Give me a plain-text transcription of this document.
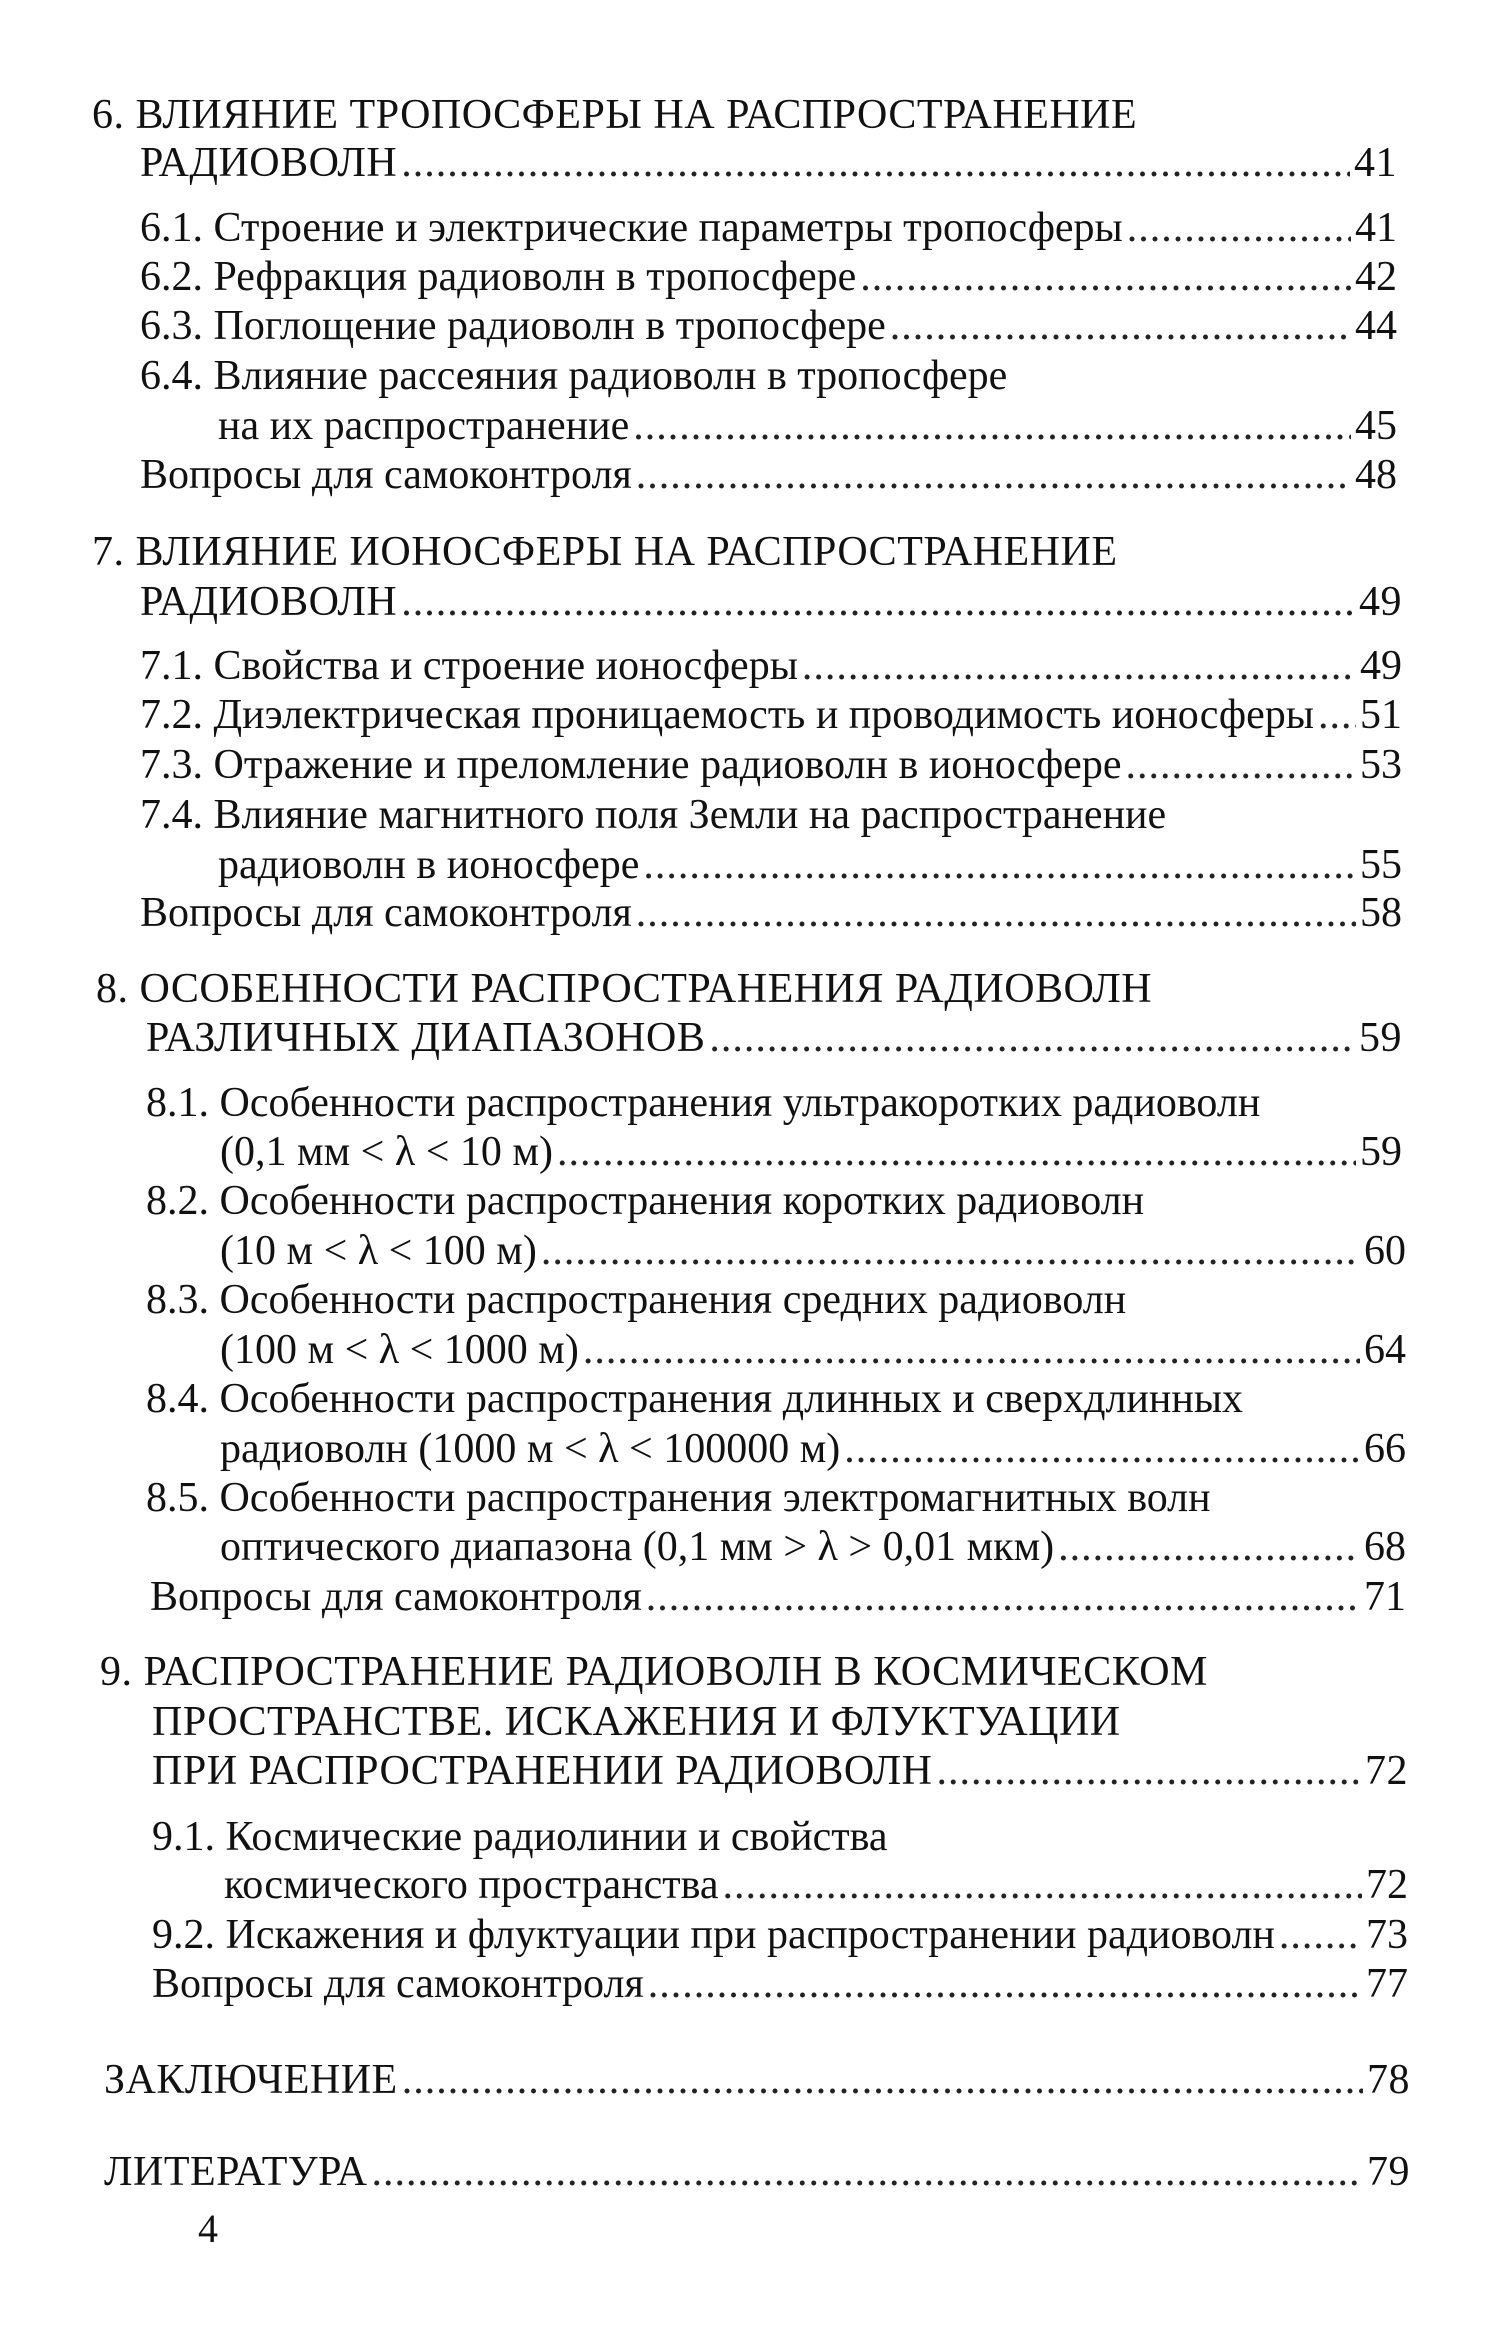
6. ВЛИЯНИЕ ТРОПОСФЕРЫ НА РАСПРОСТРАНЕНИЕ
РАДИОВОЛН .....	41
6.1. Строение и электрические параметры тропосферы .....	41
6.2. Рефракция радиоволн в тропосфере .....	42
6.3. Поглощение радиоволн в тропосфере .....	44
6.4. Влияние рассеяния радиоволн в тропосфере
на их распространение .....	45
Вопросы для самоконтроля .....	48
7. ВЛИЯНИЕ ИОНОСФЕРЫ НА РАСПРОСТРАНЕНИЕ
РАДИОВОЛН .....	49
7.1. Свойства и строение ионосферы .....	49
7.2. Диэлектрическая проницаемость и проводимость ионосферы ..... 51
7.3. Отражение и преломление радиоволн в ионосфере .....	53
7.4. Влияние магнитного поля Земли на распространение
радиоволн в ионосфере .....	55
Вопросы для самоконтроля .....	58
8. ОСОБЕННОСТИ РАСПРОСТРАНЕНИЯ РАДИОВОЛН
РАЗЛИЧНЫХ ДИАПАЗОНОВ .....	59
8.1. Особенности распространения ультракоротких радиоволн
(0,1 мм < λ < 10 м) .....	59
8.2. Особенности распространения коротких радиоволн
(10 м < λ < 100 м) .....	60
8.3. Особенности распространения средних радиоволн
(100 м < λ < 1000 м) .....	64
8.4. Особенности распространения длинных и сверхдлинных
радиоволн (1000 м < λ < 100000 м) .....	66
8.5. Особенности распространения электромагнитных волн
оптического диапазона (0,1 мм > λ > 0,01 мкм) .....	68
Вопросы для самоконтроля .....	71
9. РАСПРОСТРАНЕНИЕ РАДИОВОЛН В КОСМИЧЕСКОМ
ПРОСТРАНСТВЕ. ИСКАЖЕНИЯ И ФЛУКТУАЦИИ
ПРИ РАСПРОСТРАНЕНИИ РАДИОВОЛН .....	72
9.1. Космические радиолинии и свойства
космического пространства .....	72
9.2. Искажения и флуктуации при распространении радиоволн ..... 73
Вопросы для самоконтроля .....	77
ЗАКЛЮЧЕНИЕ .....	78
ЛИТЕРАТУРА .....	79
4
